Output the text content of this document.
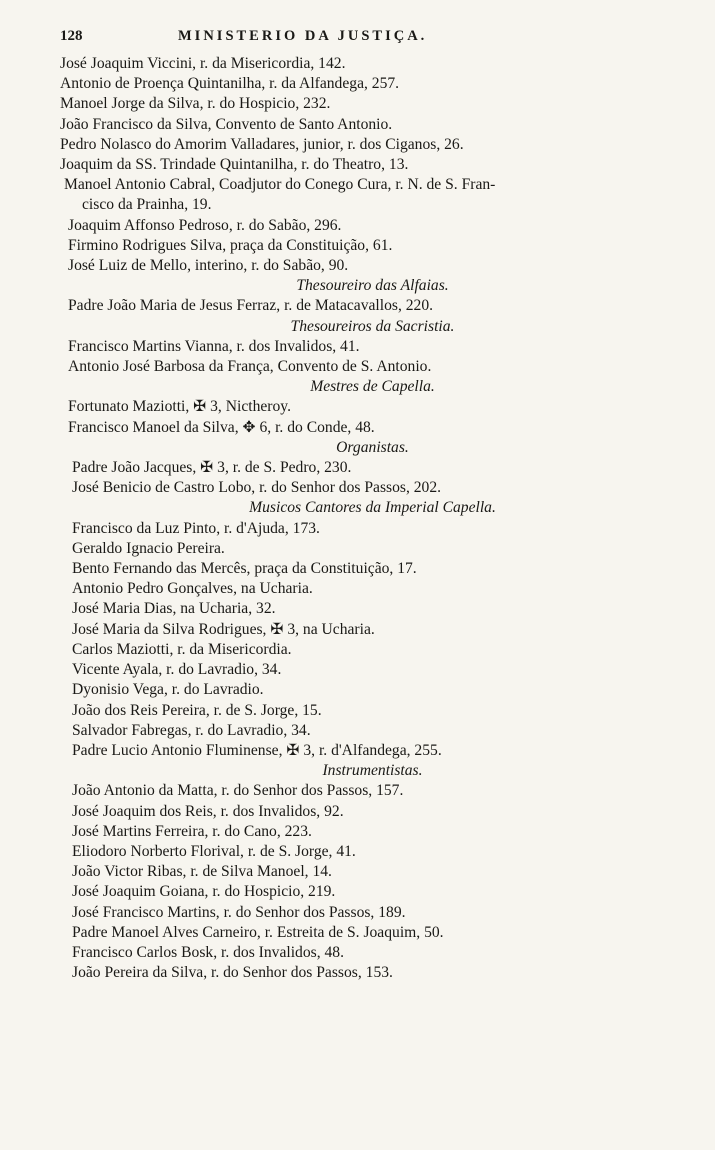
128	MINISTERIO DA JUSTIÇA.
José Joaquim Viccini, r. da Misericordia, 142.
Antonio de Proença Quintanilha, r. da Alfandega, 257.
Manoel Jorge da Silva, r. do Hospicio, 232.
João Francisco da Silva, Convento de Santo Antonio.
Pedro Nolasco do Amorim Valladares, junior, r. dos Ciganos, 26.
Joaquim da SS. Trindade Quintanilha, r. do Theatro, 13.
Manoel Antonio Cabral, Coadjutor do Conego Cura, r. N. de S. Fran-
cisco da Prainha, 19.
Joaquim Affonso Pedroso, r. do Sabão, 296.
Firmino Rodrigues Silva, praça da Constituição, 61.
José Luiz de Mello, interino, r. do Sabão, 90.
Thesoureiro das Alfaias.
Padre João Maria de Jesus Ferraz, r. de Matacavallos, 220.
Thesoureiros da Sacristia.
Francisco Martins Vianna, r. dos Invalidos, 41.
Antonio José Barbosa da França, Convento de S. Antonio.
Mestres de Capella.
Fortunato Maziotti, ✠ 3, Nictheroy.
Francisco Manoel da Silva, ✥ 6, r. do Conde, 48.
Organistas.
Padre João Jacques, ✠ 3, r. de S. Pedro, 230.
José Benicio de Castro Lobo, r. do Senhor dos Passos, 202.
Musicos Cantores da Imperial Capella.
Francisco da Luz Pinto, r. d'Ajuda, 173.
Geraldo Ignacio Pereira.
Bento Fernando das Mercês, praça da Constituição, 17.
Antonio Pedro Gonçalves, na Ucharia.
José Maria Dias, na Ucharia, 32.
José Maria da Silva Rodrigues, ✠ 3, na Ucharia.
Carlos Maziotti, r. da Misericordia.
Vicente Ayala, r. do Lavradio, 34.
Dyonisio Vega, r. do Lavradio.
João dos Reis Pereira, r. de S. Jorge, 15.
Salvador Fabregas, r. do Lavradio, 34.
Padre Lucio Antonio Fluminense, ✠ 3, r. d'Alfandega, 255.
Instrumentistas.
João Antonio da Matta, r. do Senhor dos Passos, 157.
José Joaquim dos Reis, r. dos Invalidos, 92.
José Martins Ferreira, r. do Cano, 223.
Eliodoro Norberto Florival, r. de S. Jorge, 41.
João Victor Ribas, r. de Silva Manoel, 14.
José Joaquim Goiana, r. do Hospicio, 219.
José Francisco Martins, r. do Senhor dos Passos, 189.
Padre Manoel Alves Carneiro, r. Estreita de S. Joaquim, 50.
Francisco Carlos Bosk, r. dos Invalidos, 48.
João Pereira da Silva, r. do Senhor dos Passos, 153.
